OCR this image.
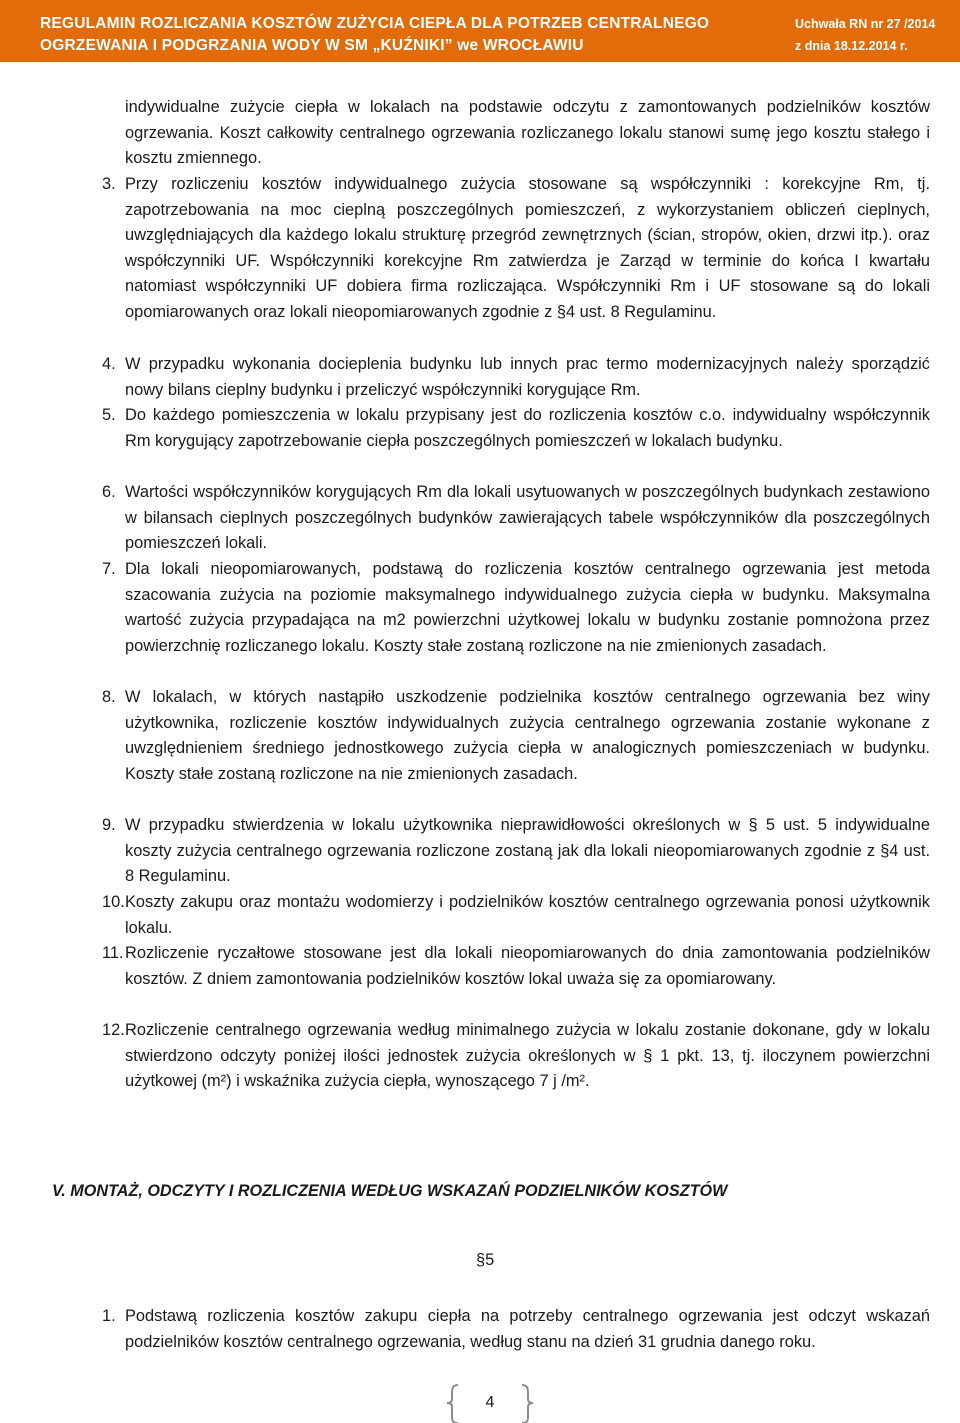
REGULAMIN ROZLICZANIA KOSZTÓW ZUŻYCIA CIEPŁA DLA POTRZEB CENTRALNEGO
OGRZEWANIA I PODGRZANIA WODY W SM „KUŹNIKI” we WROCŁAWIU
Uchwała RN nr 27 /2014
z dnia 18.12.2014 r.
indywidualne zużycie ciepła w lokalach na podstawie odczytu z zamontowanych podzielników kosztów ogrzewania. Koszt całkowity centralnego ogrzewania rozliczanego lokalu stanowi sumę jego kosztu stałego i kosztu zmiennego.
3. Przy rozliczeniu kosztów indywidualnego zużycia stosowane są współczynniki : korekcyjne Rm, tj. zapotrzebowania na moc cieplną poszczególnych pomieszczeń, z wykorzystaniem obliczeń cieplnych, uwzględniających dla każdego lokalu strukturę przegród zewnętrznych (ścian, stropów, okien, drzwi itp.). oraz współczynniki UF. Współczynniki korekcyjne Rm zatwierdza je Zarząd w terminie do końca I kwartału natomiast współczynniki UF dobiera firma rozliczająca. Współczynniki Rm i UF stosowane są do lokali opomiarowanych oraz lokali nieopomiarowanych zgodnie z §4 ust. 8 Regulaminu.
4. W przypadku wykonania docieplenia budynku lub innych prac termo modernizacyjnych należy sporządzić nowy bilans cieplny budynku i przeliczyć współczynniki korygujące Rm.
5. Do każdego pomieszczenia w lokalu przypisany jest do rozliczenia kosztów c.o. indywidualny współczynnik Rm korygujący zapotrzebowanie ciepła poszczególnych pomieszczeń w lokalach budynku.
6. Wartości współczynników korygujących Rm dla lokali usytuowanych w poszczególnych budynkach zestawiono w bilansach cieplnych poszczególnych budynków zawierających tabele współczynników dla poszczególnych pomieszczeń lokali.
7. Dla lokali nieopomiarowanych, podstawą do rozliczenia kosztów centralnego ogrzewania jest metoda szacowania zużycia na poziomie maksymalnego indywidualnego zużycia ciepła w budynku. Maksymalna wartość zużycia przypadająca na m2 powierzchni użytkowej lokalu w budynku zostanie pomnożona przez powierzchnię rozliczanego lokalu. Koszty stałe zostaną rozliczone na nie zmienionych zasadach.
8. W lokalach, w których nastąpiło uszkodzenie podzielnika kosztów centralnego ogrzewania bez winy użytkownika, rozliczenie kosztów indywidualnych zużycia centralnego ogrzewania zostanie wykonane z uwzględnieniem średniego jednostkowego zużycia ciepła w analogicznych pomieszczeniach w budynku. Koszty stałe zostaną rozliczone na nie zmienionych zasadach.
9. W przypadku stwierdzenia w lokalu użytkownika nieprawidłowości określonych w § 5 ust. 5 indywidualne koszty zużycia centralnego ogrzewania rozliczone zostaną jak dla lokali nieopomiarowanych zgodnie z §4 ust. 8 Regulaminu.
10. Koszty zakupu oraz montażu wodomierzy i podzielników kosztów centralnego ogrzewania ponosi użytkownik lokalu.
11. Rozliczenie ryczałtowe stosowane jest dla lokali nieopomiarowanych do dnia zamontowania podzielników kosztów. Z dniem zamontowania podzielników kosztów lokal uważa się za opomiarowany.
12. Rozliczenie centralnego ogrzewania według minimalnego zużycia w lokalu zostanie dokonane, gdy w lokalu stwierdzono odczyty poniżej ilości jednostek zużycia określonych w § 1 pkt. 13, tj. iloczynem powierzchni użytkowej (m²) i wskaźnika zużycia ciepła, wynoszącego 7 j /m².
V. MONTAŻ, ODCZYTY I ROZLICZENIA WEDŁUG WSKAZAŃ PODZIELNIKÓW KOSZTÓW
§5
1. Podstawą rozliczenia kosztów zakupu ciepła na potrzeby centralnego ogrzewania jest odczyt wskazań podzielników kosztów centralnego ogrzewania, według stanu na dzień 31 grudnia danego roku.
4
